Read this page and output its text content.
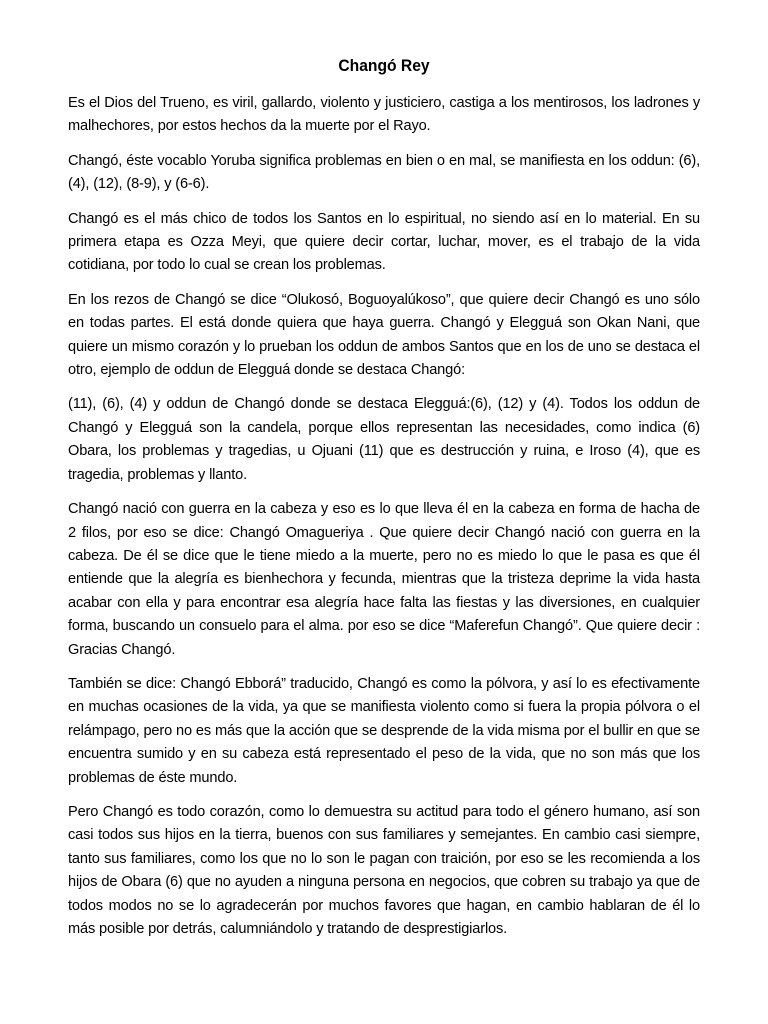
Changó Rey

Es el Dios del Trueno, es viril, gallardo, violento y justiciero, castiga a los mentirosos, los ladrones y malhechores, por estos hechos da la muerte por el Rayo.

Changó, éste vocablo Yoruba significa problemas en bien o en mal, se manifiesta en los oddun: (6), (4), (12), (8-9), y (6-6).

Changó es el más chico de todos los Santos en lo espiritual, no siendo así en lo material. En su primera etapa es Ozza Meyi, que quiere decir cortar, luchar, mover, es el trabajo de la vida cotidiana, por todo lo cual se crean los problemas.

En los rezos de Changó se dice “Olukosó, Boguoyalúkoso”, que quiere decir Changó es uno sólo en todas partes. El está donde quiera que haya guerra. Changó y Elegguá son Okan Nani, que quiere un mismo corazón y lo prueban los oddun de ambos Santos que en los de uno se destaca el otro, ejemplo de oddun de Elegguá donde se destaca Changó:

(11), (6), (4) y oddun de Changó donde se destaca Elegguá:(6), (12) y (4). Todos los oddun de Changó y Elegguá son la candela, porque ellos representan las necesidades, como indica (6) Obara, los problemas y tragedias, u Ojuani (11) que es destrucción y ruina, e Iroso (4), que es tragedia, problemas y llanto.

Changó nació con guerra en la cabeza y eso es lo que lleva él en la cabeza en forma de hacha de 2 filos, por eso se dice: Changó Omagueriya . Que quiere decir Changó nació con guerra en la cabeza. De él se dice que le tiene miedo a la muerte, pero no es miedo lo que le pasa es que él entiende que la alegría es bienhechora y fecunda, mientras que la tristeza deprime la vida hasta acabar con ella y para encontrar esa alegría hace falta las fiestas y las diversiones, en cualquier forma, buscando un consuelo para el alma. por eso se dice “Maferefun Changó”. Que quiere decir : Gracias Changó.

También se dice: Changó Ebborá” traducido, Changó es como la pólvora, y así lo es efectivamente en muchas ocasiones de la vida, ya que se manifiesta violento como si fuera la propia pólvora o el relámpago, pero no es más que la acción que se desprende de la vida misma por el bullir en que se encuentra sumido y en su cabeza está representado el peso de la vida, que no son más que los problemas de éste mundo.

Pero Changó es todo corazón, como lo demuestra su actitud para todo el género humano, así son casi todos sus hijos en la tierra, buenos con sus familiares y semejantes. En cambio casi siempre, tanto sus familiares, como los que no lo son le pagan con traición, por eso se les recomienda a los hijos de Obara (6) que no ayuden a ninguna persona en negocios, que cobren su trabajo ya que de todos modos no se lo agradecerán por muchos favores que hagan, en cambio hablaran de él lo más posible por detrás, calumniándolo y tratando de desprestigiarlos.
